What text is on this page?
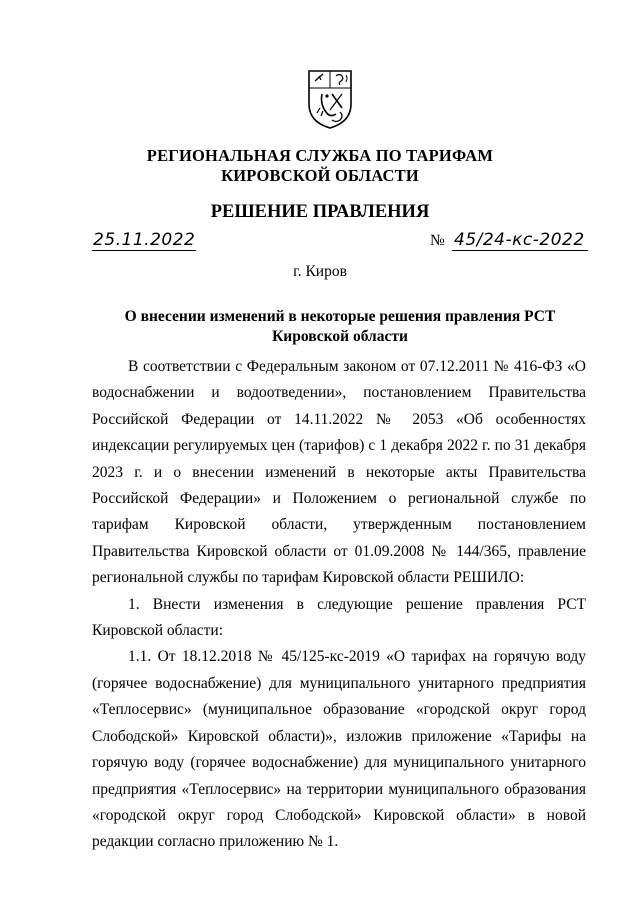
РЕГИОНАЛЬНАЯ СЛУЖБА ПО ТАРИФАМ
КИРОВСКОЙ ОБЛАСТИ
РЕШЕНИЕ ПРАВЛЕНИЯ
25.11.2022	№ 45/24-кс-2022
г. Киров
О внесении изменений в некоторые решения правления РСТ Кировской области

В соответствии с Федеральным законом от 07.12.2011 № 416-ФЗ «О водоснабжении и водоотведении», постановлением Правительства Российской Федерации от 14.11.2022 № 2053 «Об особенностях индексации регулируемых цен (тарифов) с 1 декабря 2022 г. по 31 декабря 2023 г. и о внесении изменений в некоторые акты Правительства Российской Федерации» и Положением о региональной службе по тарифам Кировской области, утвержденным постановлением Правительства Кировской области от 01.09.2008 № 144/365, правление региональной службы по тарифам Кировской области РЕШИЛО:

1. Внести изменения в следующие решение правления РСТ Кировской области:

1.1. От 18.12.2018 № 45/125-кс-2019 «О тарифах на горячую воду (горячее водоснабжение) для муниципального унитарного предприятия «Теплосервис» (муниципальное образование «городской округ город Слободской» Кировской области)», изложив приложение «Тарифы на горячую воду (горячее водоснабжение) для муниципального унитарного предприятия «Теплосервис» на территории муниципального образования «городской округ город Слободской» Кировской области» в новой редакции согласно приложению № 1.
